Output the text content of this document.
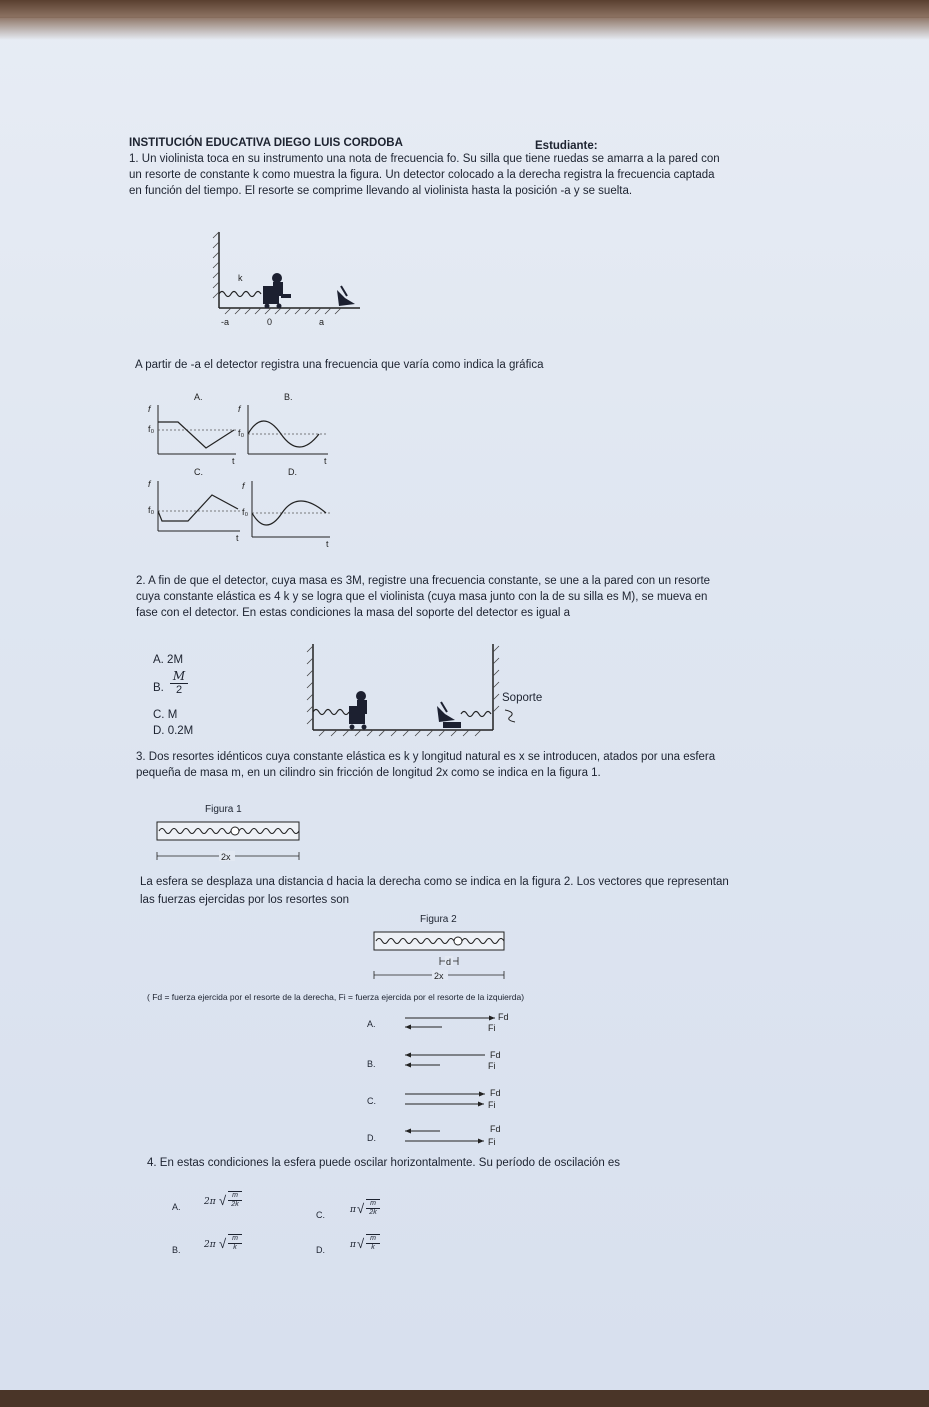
INSTITUCIÓN EDUCATIVA DIEGO LUIS CORDOBA	Estudiante:
1. Un violinista toca en su instrumento una nota de frecuencia fo. Su silla que tiene ruedas se amarra a la pared con
un resorte de constante k como muestra la figura. Un detector colocado a la derecha registra la frecuencia captada
en función del tiempo. El resorte se comprime llevando al violinista hasta la posición -a y se suelta.
k
-a	0	a
A partir de -a el detector registra una frecuencia que varía como indica la gráfica
A.
f
f₀
t
B.
f
f₀
t
C.
f
f₀
t
D.
f
f₀
t
2. A fin de que el detector, cuya masa es 3M, registre una frecuencia constante, se une a la pared con un resorte
cuya constante elástica es 4 k y se logra que el violinista (cuya masa junto con la de su silla es M), se mueva en
fase con el detector. En estas condiciones la masa del soporte del detector es igual a
A. 2M
B. $\frac{M}{2}$
C. M
D. 0.2M
Soporte
3. Dos resortes idénticos cuya constante elástica es k y longitud natural es x se introducen, atados por una esfera
pequeña de masa m, en un cilindro sin fricción de longitud 2x como se indica en la figura 1.
Figura 1
2x
La esfera se desplaza una distancia d hacia la derecha como se indica en la figura 2. Los vectores que representan
las fuerzas ejercidas por los resortes son
Figura 2
d
2x
( Fd = fuerza ejercida por el resorte de la derecha, Fi = fuerza ejercida por el resorte de la izquierda)
A.
Fd
Fi
B.
Fd
Fi
C.
Fd
Fi
D.
Fd
Fi
4. En estas condiciones la esfera puede oscilar horizontalmente. Su período de oscilación es
A.	2π √ $\frac{m}{2k}$
B.	2π √ $\frac{m}{k}$
C.	π √ $\frac{m}{2k}$
D.	π √ $\frac{m}{k}$
